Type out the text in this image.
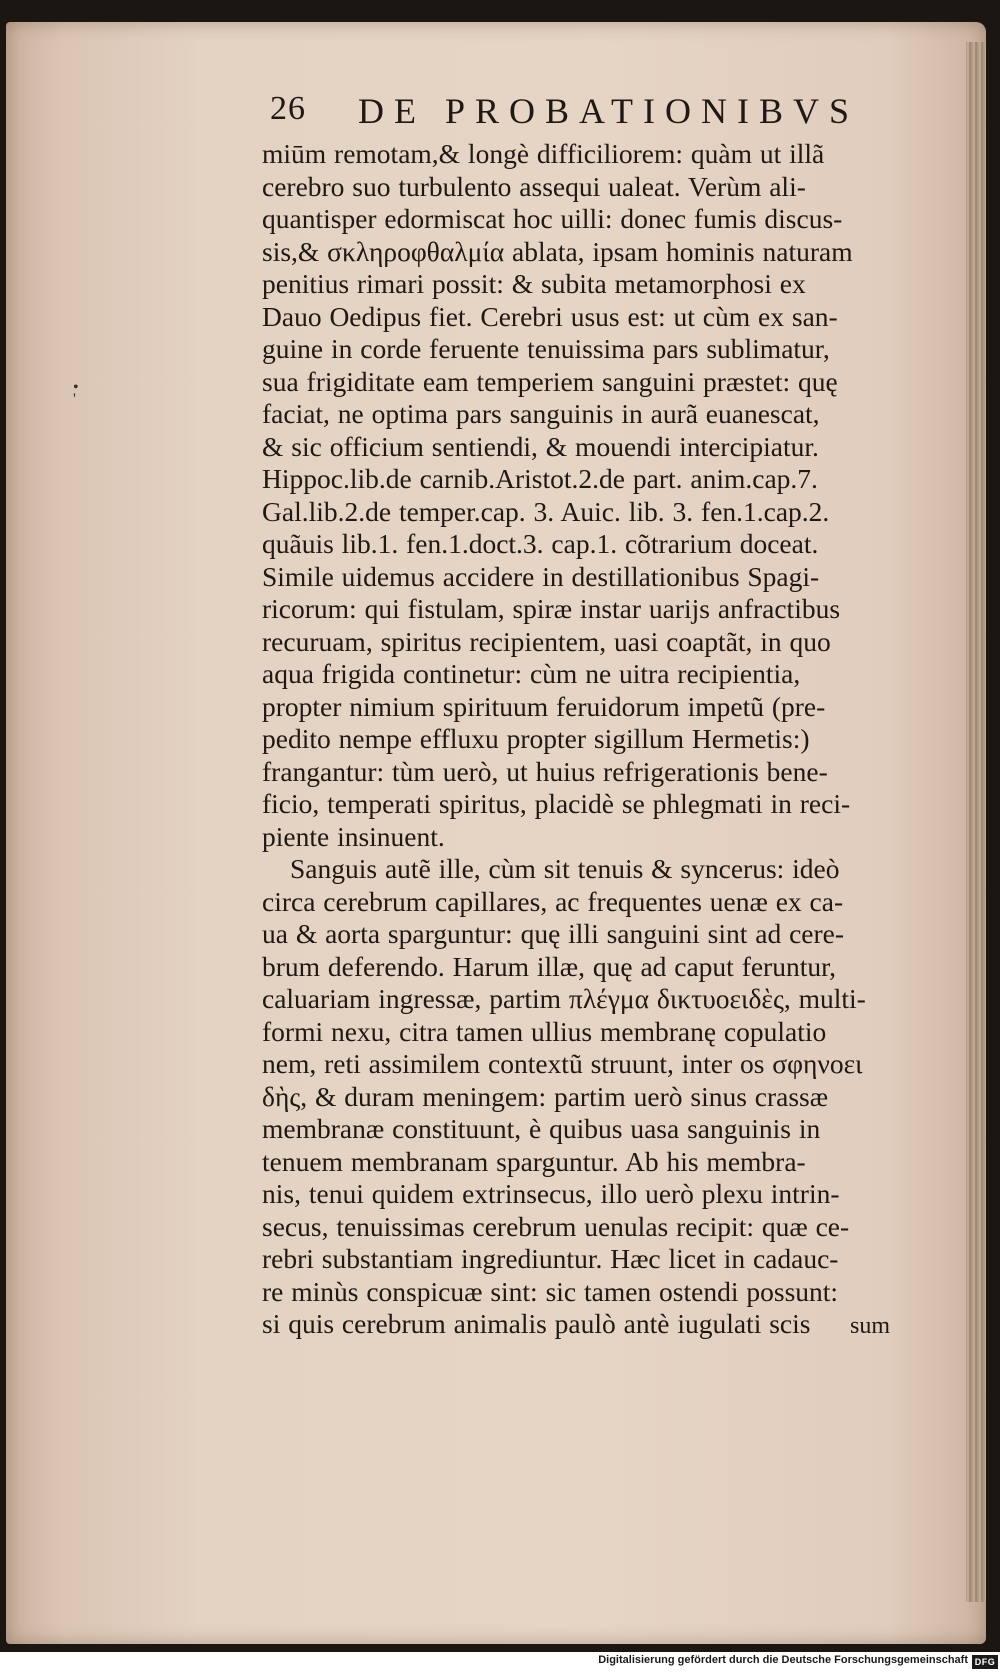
•
'
26 DE PROBATIONIBVS
miūm remotam,& longè difficiliorem: quàm ut illã
cerebro suo turbulento assequi ualeat. Verùm ali-
quantisper edormiscat hoc uilli: donec fumis discus-
sis,& σκληροφθαλμία ablata, ipsam hominis naturam
penitius rimari possit: & subita metamorphosi ex
Dauo Oedipus fiet. Cerebri usus est: ut cùm ex san-
guine in corde feruente tenuissima pars sublimatur,
sua frigiditate eam temperiem sanguini præstet: quę
faciat, ne optima pars sanguinis in aurã euanescat,
& sic officium sentiendi, & mouendi intercipiatur.
Hippoc.lib.de carnib.Aristot.2.de part. anim.cap.7.
Gal.lib.2.de temper.cap. 3. Auic. lib. 3. fen.1.cap.2.
quãuis lib.1. fen.1.doct.3. cap.1. cõtrarium doceat.
Simile uidemus accidere in destillationibus Spagi-
ricorum: qui fistulam, spiræ instar uarijs anfractibus
recuruam, spiritus recipientem, uasi coaptãt, in quo
aqua frigida continetur: cùm ne uitra recipientia,
propter nimium spirituum feruidorum impetũ (pre-
pedito nempe effluxu propter sigillum Hermetis:)
frangantur: tùm uerò, ut huius refrigerationis bene-
ficio, temperati spiritus, placidè se phlegmati in reci-
piente insinuent.
Sanguis autẽ ille, cùm sit tenuis & syncerus: ideò
circa cerebrum capillares, ac frequentes uenæ ex ca-
ua & aorta sparguntur: quę illi sanguini sint ad cere-
brum deferendo. Harum illæ, quę ad caput feruntur,
caluariam ingressæ, partim πλέγμα δικτυοειδὲς, multi-
formi nexu, citra tamen ullius membranę copulatio
nem, reti assimilem contextũ struunt, inter os σφηνοει
δὴς, & duram meningem: partim uerò sinus crassæ
membranæ constituunt, è quibus uasa sanguinis in
tenuem membranam sparguntur. Ab his membra-
nis, tenui quidem extrinsecus, illo uerò plexu intrin-
secus, tenuissimas cerebrum uenulas recipit: quæ ce-
rebri substantiam ingrediuntur. Hæc licet in cadauc-
re minùs conspicuæ sint: sic tamen ostendi possunt:
si quis cerebrum animalis paulò antè iugulati scis	sum
Digitalisierung gefördert durch die Deutsche Forschungsgemeinschaft DFG
